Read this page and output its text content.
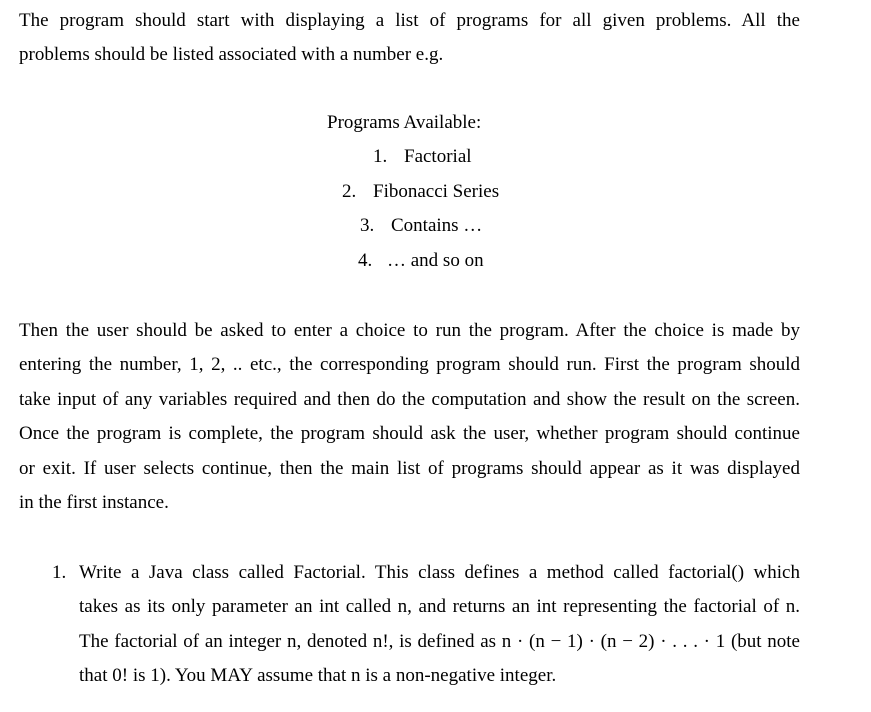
The program should start with displaying a list of programs for all given problems. All the
problems should be listed associated with a number e.g.

Programs Available:
1. Factorial
2. Fibonacci Series
3. Contains …
4. … and so on

Then the user should be asked to enter a choice to run the program. After the choice is made by
entering the number, 1, 2, .. etc., the corresponding program should run. First the program should
take input of any variables required and then do the computation and show the result on the screen.
Once the program is complete, the program should ask the user, whether program should continue
or exit. If user selects continue, then the main list of programs should appear as it was displayed
in the first instance.

1. Write a Java class called Factorial. This class defines a method called factorial() which
takes as its only parameter an int called n, and returns an int representing the factorial of n.
The factorial of an integer n, denoted n!, is defined as n · (n − 1) · (n − 2) · . . . · 1 (but note
that 0! is 1). You MAY assume that n is a non-negative integer.
